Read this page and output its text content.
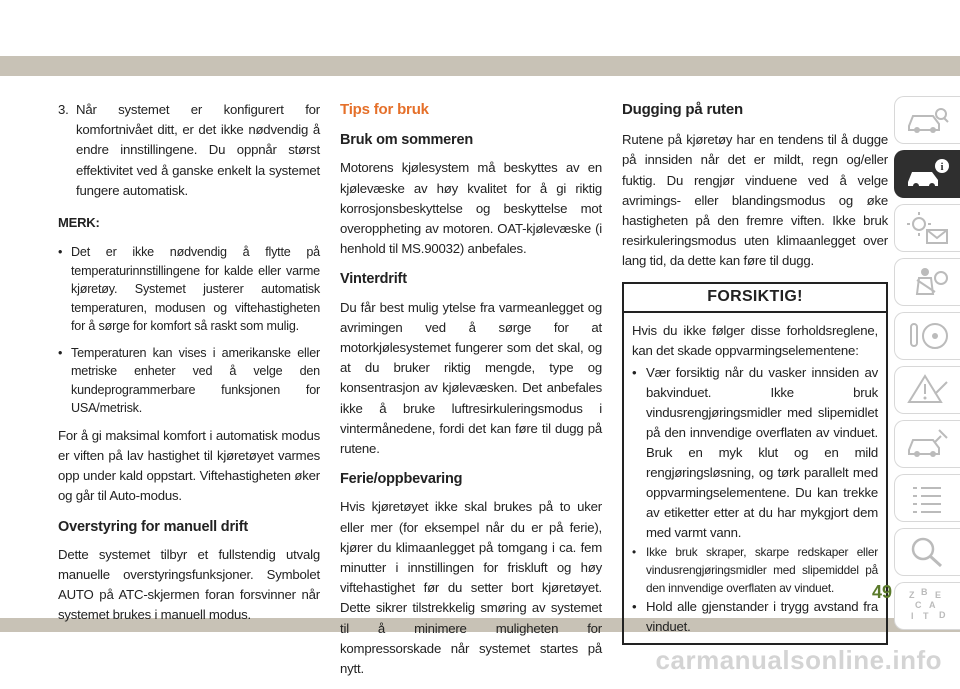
3. Når systemet er konfigurert for komfortnivået ditt, er det ikke nødvendig å endre innstillingene. Du oppnår størst effektivitet ved å ganske enkelt la systemet fungere automatisk.
MERK:
• Det er ikke nødvendig å flytte på temperaturinnstillingene for kalde eller varme kjøretøy. Systemet justerer automatisk temperaturen, modusen og viftehastigheten for å sørge for komfort så raskt som mulig.
• Temperaturen kan vises i amerikanske eller metriske enheter ved å velge den kundeprogrammerbare funksjonen for USA/metrisk.

For å gi maksimal komfort i automatisk modus er viften på lav hastighet til kjøretøyet varmes opp under kald oppstart. Viftehastigheten øker og går til Auto-modus.

Overstyring for manuell drift

Dette systemet tilbyr et fullstendig utvalg manuelle overstyringsfunksjoner. Symbolet AUTO på ATC-skjermen foran forsvinner når systemet brukes i manuell modus.

Tips for bruk
Bruk om sommeren

Motorens kjølesystem må beskyttes av en kjølevæske av høy kvalitet for å gi riktig korrosjonsbeskyttelse og beskyttelse mot overoppheting av motoren. OAT-kjølevæske (i henhold til MS.90032) anbefales.

Vinterdrift

Du får best mulig ytelse fra varmeanlegget og avrimingen ved å sørge for at motorkjølesystemet fungerer som det skal, og at du bruker riktig mengde, type og konsentrasjon av kjølevæsken. Det anbefales ikke å bruke luftresirkuleringsmodus i vintermånedene, fordi det kan føre til dugg på rutene.

Ferie/oppbevaring

Hvis kjøretøyet ikke skal brukes på to uker eller mer (for eksempel når du er på ferie), kjører du klimaanlegget på tomgang i ca. fem minutter i innstillingen for friskluft og høy viftehastighet før du setter bort kjøretøyet. Dette sikrer tilstrekkelig smøring av systemet til å minimere muligheten for kompressorskade når systemet startes på nytt.

Dugging på ruten

Rutene på kjøretøy har en tendens til å dugge på innsiden når det er mildt, regn og/eller fuktig. Du rengjør vinduene ved å velge avrimings- eller blandingsmodus og øke hastigheten på den fremre viften. Ikke bruk resirkuleringsmodus uten klimaanlegget over lang tid, da dette kan føre til dugg.

FORSIKTIG!

Hvis du ikke følger disse forholdsreglene, kan det skade oppvarmingselementene:

• Vær forsiktig når du vasker innsiden av bakvinduet. Ikke bruk vindusrengjøringsmidler med slipemidlet på den innvendige overflaten av vinduet. Bruk en myk klut og en mild rengjøringsløsning, og tørk parallelt med oppvarmingselementene. Du kan trekke av etiketter etter at du har mykgjort dem med varmt vann.
• Ikke bruk skraper, skarpe redskaper eller vindusrengjøringsmidler med slipemiddel på den innvendige overflaten av vinduet.
• Hold alle gjenstander i trygg avstand fra vinduet.
i
Z B E
C A
I T D
49
carmanualsonline.info
